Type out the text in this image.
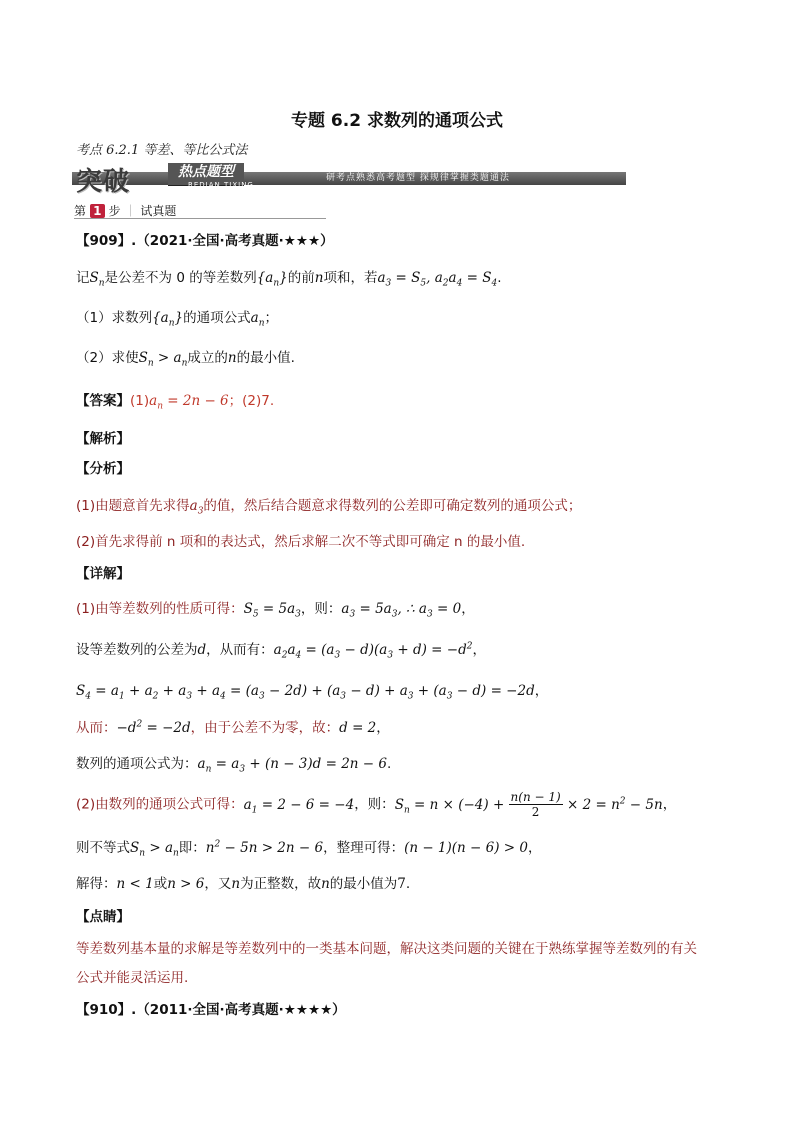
专题 6.2 求数列的通项公式
考点 6.2.1 等差、等比公式法
突破	热点题型
REDIAN TIXING
研考点熟悉高考题型 探规律掌握类题通法
第 1 步 ｜ 试真题
【909】.（2021·全国·高考真题·★★★）
记$S_n$是公差不为 0 的等差数列$\{a_n\}$的前n项和，若$a_3 = S_5$, $a_2a_4 = S_4$.
（1）求数列$\{a_n\}$的通项公式$a_n$；
（2）求使$S_n > a_n$成立的n的最小值.
【答案】$(1)a_n = 2n - 6$；(2)7.
【解析】
【分析】
(1)由题意首先求得$a_3$的值，然后结合题意求得数列的公差即可确定数列的通项公式；
(2)首先求得前 n 项和的表达式，然后求解二次不等式即可确定 n 的最小值.
【详解】
(1)由等差数列的性质可得：$S_5 = 5a_3$，则：$a_3 = 5a_3$, ∴ $a_3 = 0$，
设等差数列的公差为d，从而有：$a_2a_4 = (a_3 - d)(a_3 + d) = -d^2$，
$S_4 = a_1 + a_2 + a_3 + a_4 = (a_3 - 2d) + (a_3 - d) + a_3 + (a_3 - d) = -2d$，
从而：$-d^2 = -2d$，由于公差不为零，故：d = 2，
数列的通项公式为：$a_n = a_3 + (n - 3)d = 2n - 6$.
(2)由数列的通项公式可得：$a_1 = 2 - 6 = -4$，则：$S_n = n \times (-4) + \frac{n(n - 1)}{2} \times 2 = n^2 - 5n$，
则不等式$S_n > a_n$即：$n^2 - 5n > 2n - 6$，整理可得：(n − 1)(n − 6) > 0，
解得：n < 1或n > 6，又n为正整数，故n的最小值为7.
【点睛】
等差数列基本量的求解是等差数列中的一类基本问题，解决这类问题的关键在于熟练掌握等差数列的有关
公式并能灵活运用.
【910】.（2011·全国·高考真题·★★★★）
